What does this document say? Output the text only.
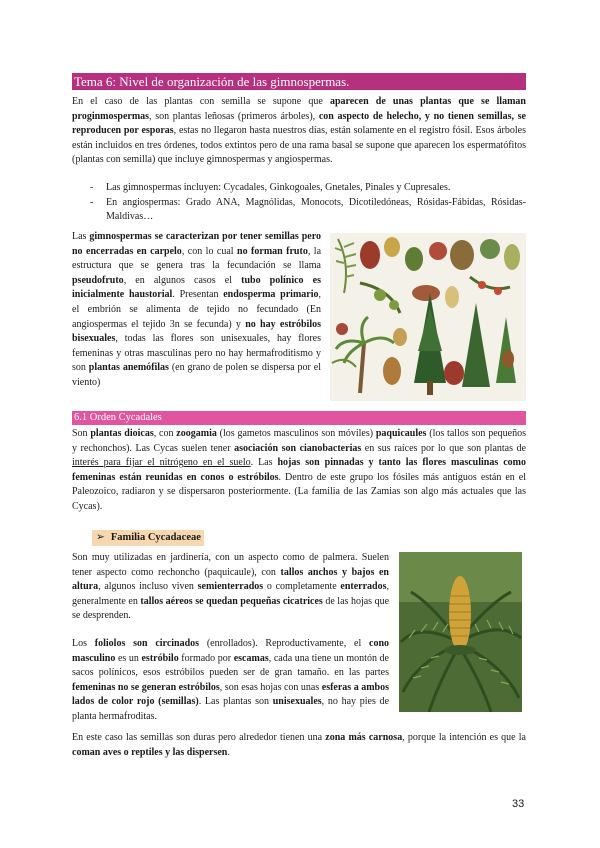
Tema 6: Nivel de organización de las gimnospermas.

En el caso de las plantas con semilla se supone que aparecen de unas plantas que se llaman proginmospermas, son plantas leñosas (primeros árboles), con aspecto de helecho, y no tienen semillas, se reproducen por esporas, estas no llegaron hasta nuestros días, están solamente en el registro fósil. Esos árboles están incluidos en tres órdenes, todos extintos pero de una rama basal se supone que aparecen los espermatófitos (plantas con semilla) que incluye gimnospermas y angiospermas.

- Las gimnospermas incluyen: Cycadales, Ginkogoales, Gnetales, Pinales y Cupresales.
- En angiospermas: Grado ANA, Magnólidas, Monocots, Dicotiledóneas, Rósidas-Fábidas, Rósidas- Maldivas…

Las gimnospermas se caracterizan por tener semillas pero no encerradas en carpelo, con lo cual no forman fruto, la estructura que se genera tras la fecundación se llama pseudofruto, en algunos casos el tubo polínico es inicialmente haustorial. Presentan endosperma primario, el embrión se alimenta de tejido no fecundado (En angiospermas el tejido 3n se fecunda) y no hay estróbilos bisexuales, todas las flores son unisexuales, hay flores femeninas y otras masculinas pero no hay hermafroditismo y son plantas anemófilas (en grano de polen se dispersa por el viento)

6.1 Orden Cycadales

Son plantas dioicas, con zoogamia (los gametos masculinos son móviles) paquicaules (los tallos son pequeños y rechonchos). Las Cycas suelen tener asociación son cianobacterias en sus raíces por lo que son plantas de interés para fijar el nitrógeno en el suelo. Las hojas son pinnadas y tanto las flores masculinas como femeninas están reunidas en conos o estróbilos. Dentro de este grupo los fósiles más antiguos están en el Paleozoico, radiaron y se dispersaron posteriormente. (La familia de las Zamias son algo más actuales que las Cycas).

➢ Familia Cycadaceae

Son muy utilizadas en jardinería, con un aspecto como de palmera. Suelen tener aspecto como rechoncho (paquicaule), con tallos anchos y bajos en altura, algunos incluso viven semienterrados o completamente enterrados, generalmente en tallos aéreos se quedan pequeñas cicatrices de las hojas que se desprenden.

Los foliolos son circinados (enrollados). Reproductivamente, el cono masculino es un estróbilo formado por escamas, cada una tiene un montón de sacos polínicos, esos estróbilos pueden ser de gran tamaño. en las partes femeninas no se generan estróbilos, son esas hojas con unas esferas a ambos lados de color rojo (semillas). Las plantas son unisexuales, no hay pies de planta hermafroditas.

En este caso las semillas son duras pero alrededor tienen una zona más carnosa, porque la intención es que la coman aves o reptiles y las dispersen.

33
